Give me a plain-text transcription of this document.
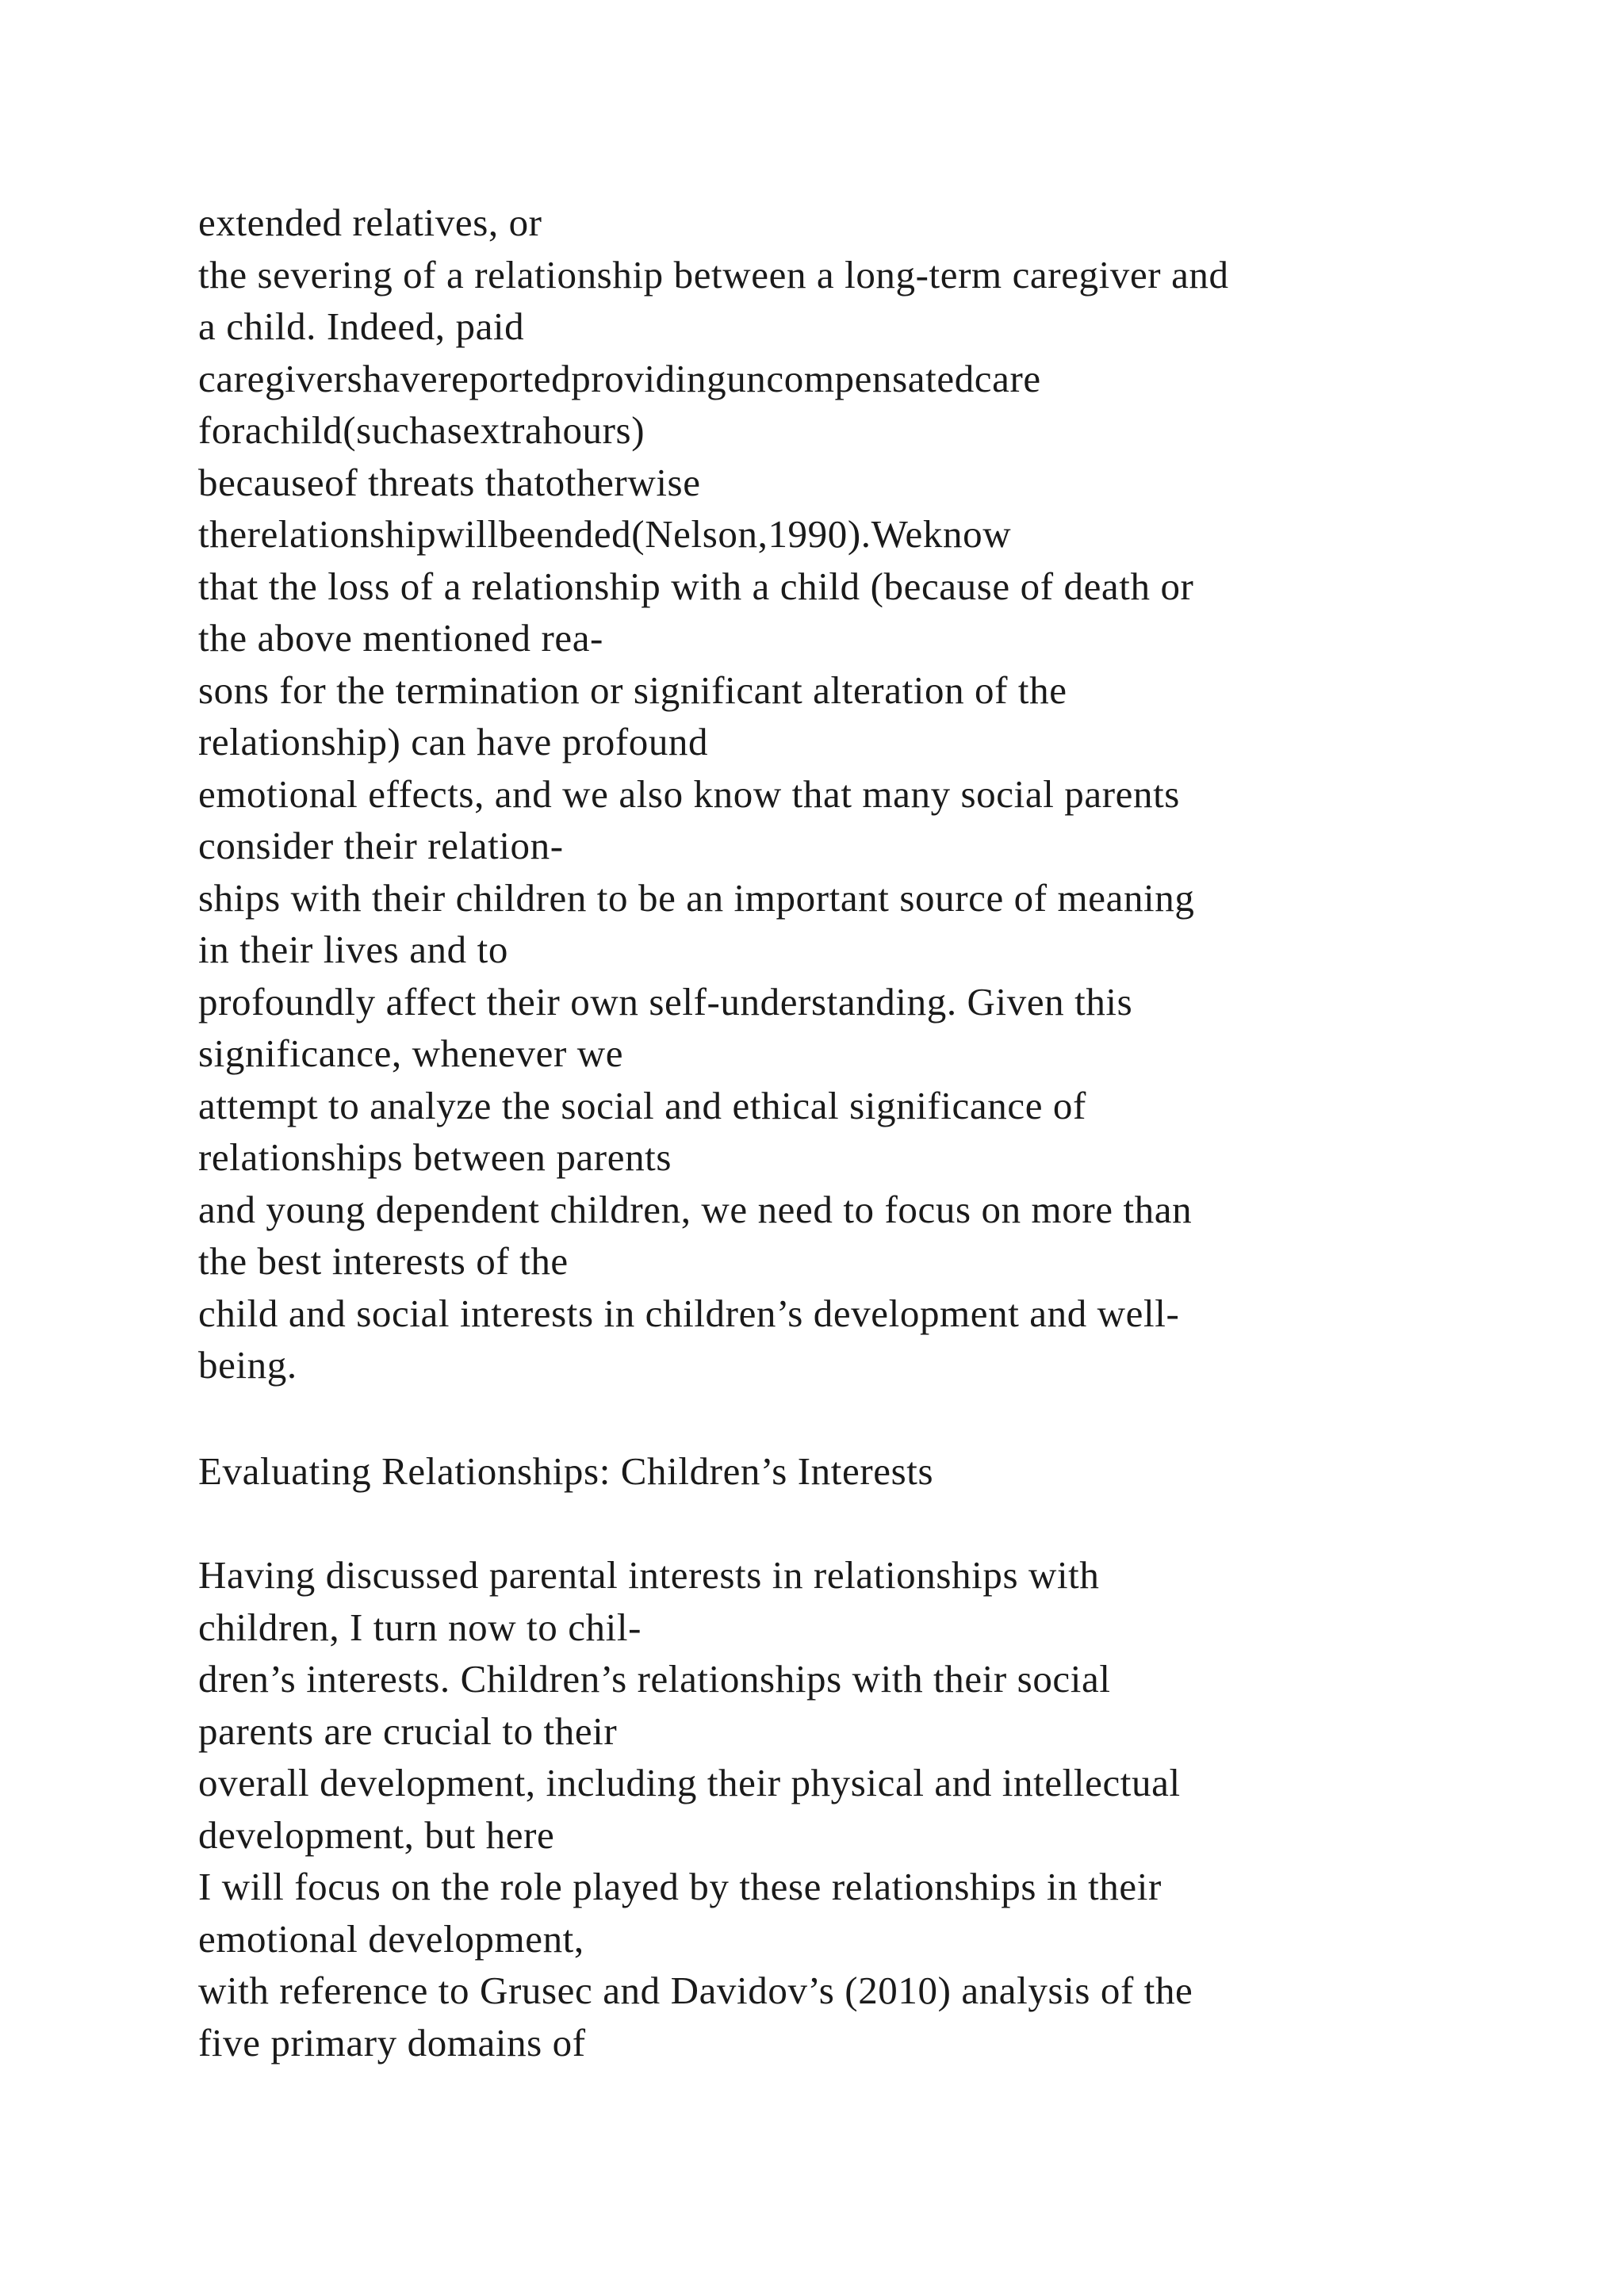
extended relatives, or
the severing of a relationship between a long-term caregiver and
a child. Indeed, paid
caregivershavereportedprovidinguncompensatedcare
forachild(suchasextrahours)
becauseof threats thatotherwise
therelationshipwillbeended(Nelson,1990).Weknow
that the loss of a relationship with a child (because of death or
the above mentioned rea-
sons for the termination or significant alteration of the
relationship) can have profound
emotional effects, and we also know that many social parents
consider their relation-
ships with their children to be an important source of meaning
in their lives and to
profoundly affect their own self-understanding. Given this
significance, whenever we
attempt to analyze the social and ethical significance of
relationships between parents
and young dependent children, we need to focus on more than
the best interests of the
child and social interests in children’s development and well-
being.
Evaluating Relationships: Children’s Interests
Having discussed parental interests in relationships with
children, I turn now to chil-
dren’s interests. Children’s relationships with their social
parents are crucial to their
overall development, including their physical and intellectual
development, but here
I will focus on the role played by these relationships in their
emotional development,
with reference to Grusec and Davidov’s (2010) analysis of the
five primary domains of
